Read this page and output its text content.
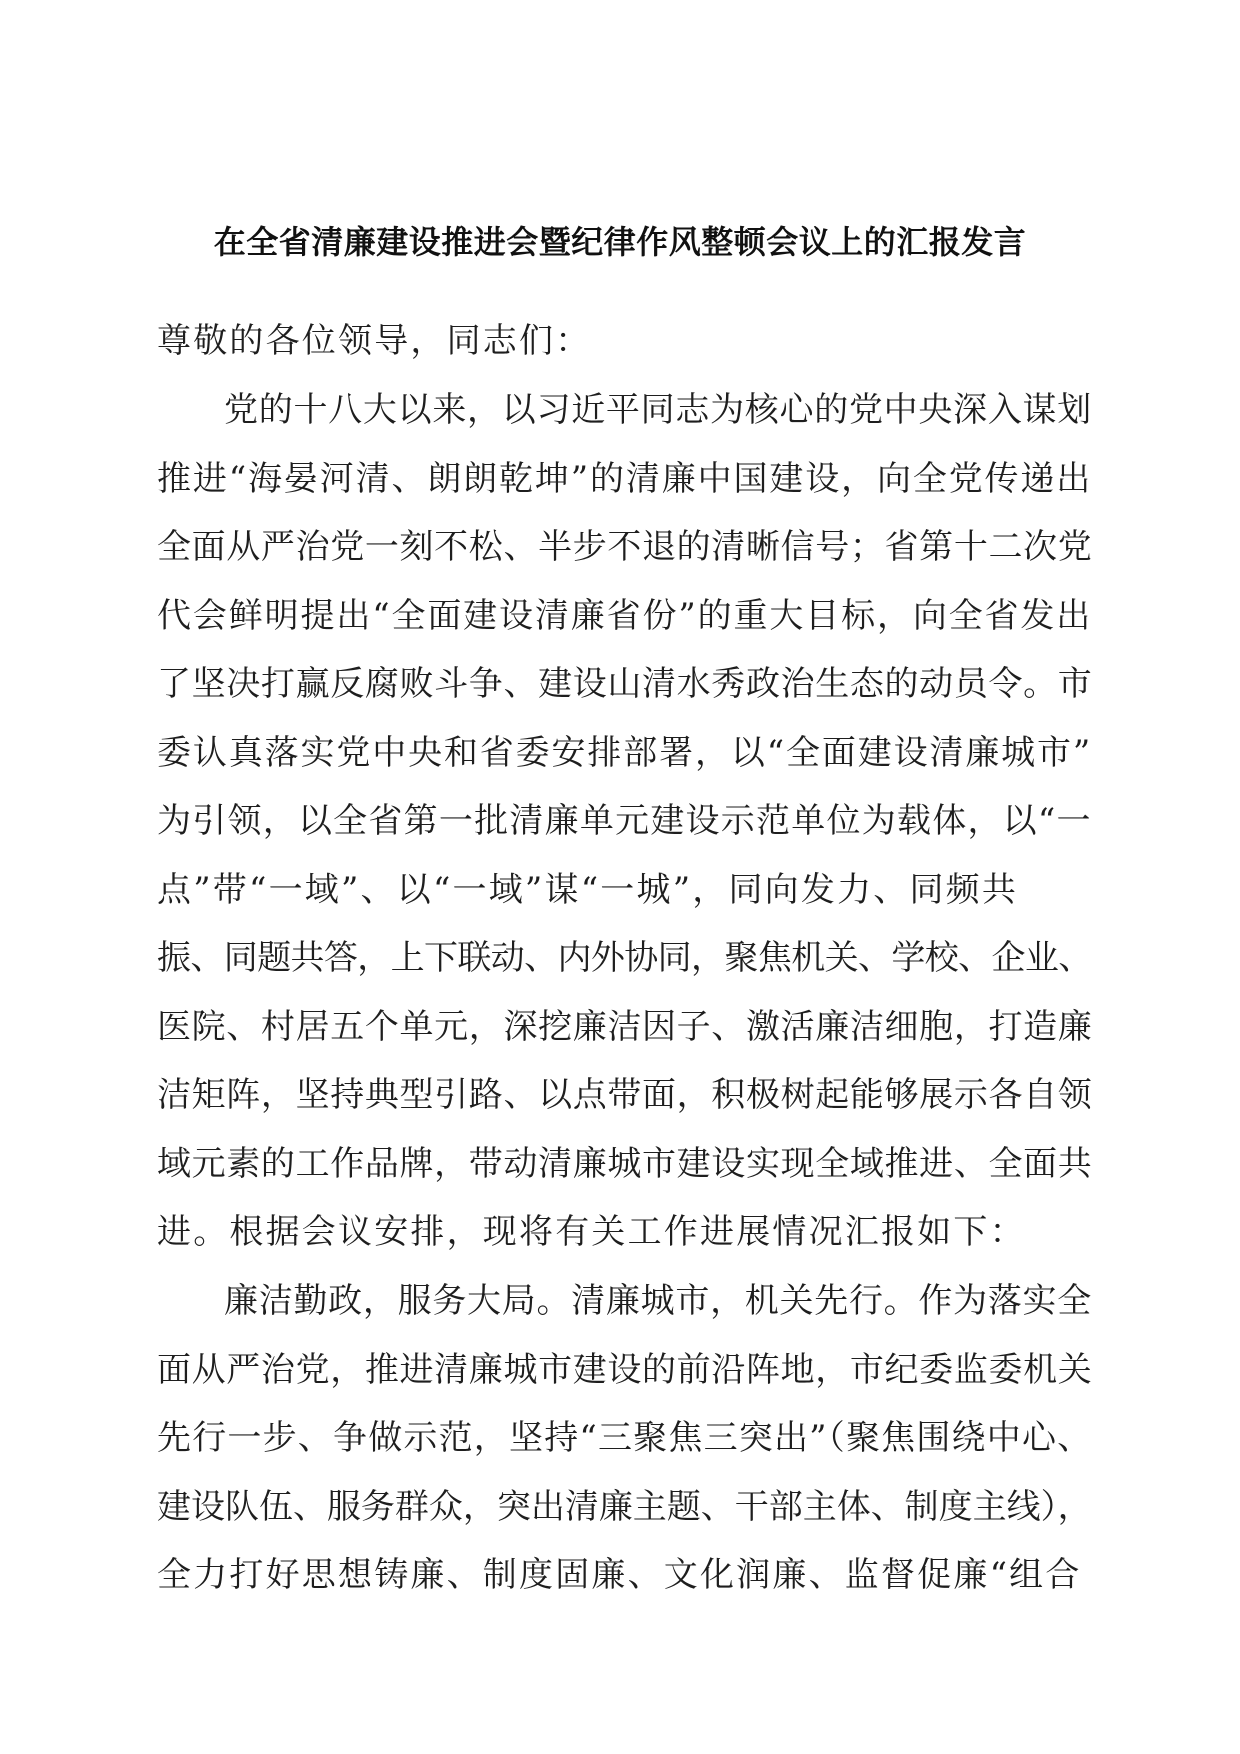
在全省清廉建设推进会暨纪律作风整顿会议上的汇报发言
尊敬的各位领导，同志们：
党的十八大以来，以习近平同志为核心的党中央深入谋划
推进“海晏河清、朗朗乾坤”的清廉中国建设，向全党传递出
全面从严治党一刻不松、半步不退的清晰信号；省第十二次党
代会鲜明提出“全面建设清廉省份”的重大目标，向全省发出
了坚决打赢反腐败斗争、建设山清水秀政治生态的动员令。市
委认真落实党中央和省委安排部署，以“全面建设清廉城市”
为引领，以全省第一批清廉单元建设示范单位为载体，以“一
点”带“一域”、以“一域”谋“一城”，同向发力、同频共
振、同题共答，上下联动、内外协同，聚焦机关、学校、企业、
医院、村居五个单元，深挖廉洁因子、激活廉洁细胞，打造廉
洁矩阵，坚持典型引路、以点带面，积极树起能够展示各自领
域元素的工作品牌，带动清廉城市建设实现全域推进、全面共
进。根据会议安排，现将有关工作进展情况汇报如下：
廉洁勤政，服务大局。清廉城市，机关先行。作为落实全
面从严治党，推进清廉城市建设的前沿阵地，市纪委监委机关
先行一步、争做示范，坚持“三聚焦三突出”（聚焦围绕中心、
建设队伍、服务群众，突出清廉主题、干部主体、制度主线），
全力打好思想铸廉、制度固廉、文化润廉、监督促廉“组合
